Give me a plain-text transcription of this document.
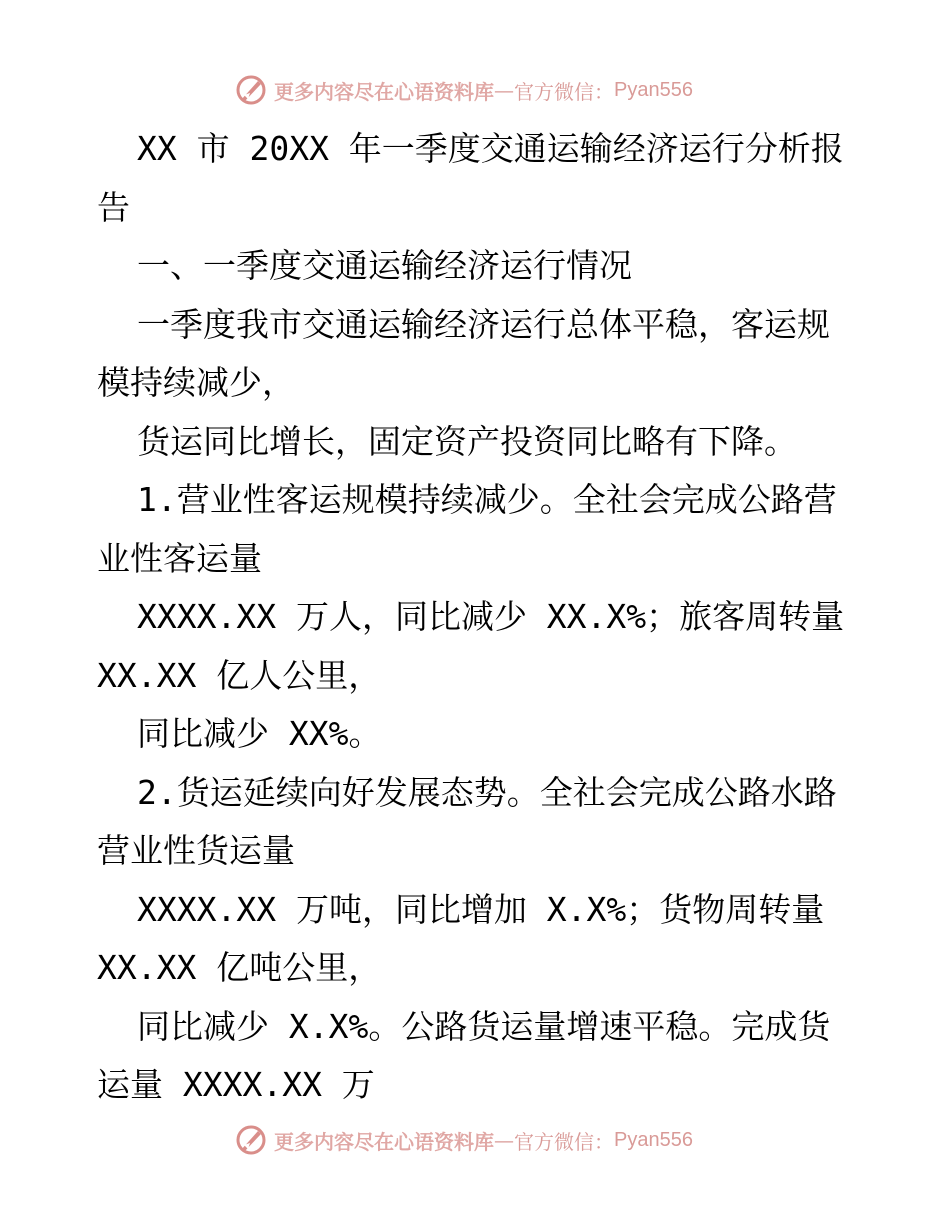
更多内容尽在心语资料库 — 官方微信： Pyan556

XX 市 20XX 年一季度交通运输经济运行分析报告

一、一季度交通运输经济运行情况

一季度我市交通运输经济运行总体平稳，客运规模持续减少，

货运同比增长，固定资产投资同比略有下降。

1.营业性客运规模持续减少。全社会完成公路营业性客运量

XXXX.XX 万人，同比减少 XX.X%；旅客周转量 XX.XX 亿人公里，

同比减少 XX%。

2.货运延续向好发展态势。全社会完成公路水路营业性货运量

XXXX.XX 万吨，同比增加 X.X%；货物周转量 XX.XX 亿吨公里，

同比减少 X.X%。公路货运量增速平稳。完成货运量 XXXX.XX 万

更多内容尽在心语资料库 — 官方微信： Pyan556
